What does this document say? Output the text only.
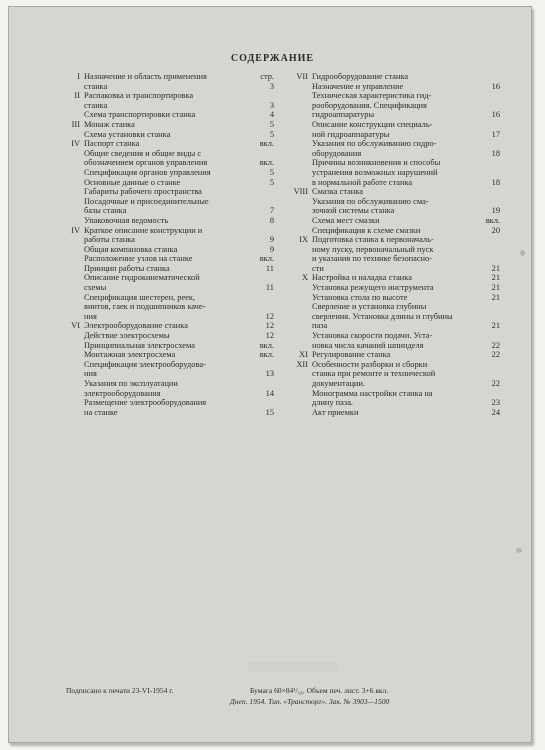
СОДЕРЖАНИЕ
I Назначение и область применения	стр.
станка	3
II Распаковка и транспортировка
станка	3
Схема транспортировки станка	4
III Монаж станка	5
Схема установки станка	5
IV Паспорт станка	вкл.
Общие сведения и общие виды с
обозначением органов управления	вкл.
Спецификация органов управления	5
Основные данные о станке	5
Габариты рабочего пространства
Посадочные и присоединительные
базы станка	7
Упаковочная ведомость	8
IV Краткое описание конструкции и
работы станка	9
Общая компановка станка	9
Расположение узлов на станке	вкл.
Принцип работы станка	11
Описание гидрокинематической
схемы	11
Спецификация шестерен, реек,
винтов, гаек и подшипников каче-
ния	12
VI Электрооборудование станка	12
Действие электросхемы	12
Принципиальная электросхема	вкл.
Монтажная электросхема	вкл.
Спецификация электрооборудова-
ния	13
Указания по эксплуатации
электрооборудования	14
Размещение электрооборудования
на станке	15
VII Гидрооборудование станка
Назначение и управление	16
Техническая характеристика гид-
рооборудования. Спецификация
гидроаппаратуры	16
Описание конструкции специаль-
ной гидроаппаратуры	17
Указания по обслуживанию гидро-
оборудования	18
Причины возникновения и способы
устранения возможных нарушений
в нормальной работе станка	18
VIII Смазка станка
Указания по обслуживанию сма-
зочной системы станка	19
Схема мест смазки	вкл.
Спецификация к схеме смазки	20
IX Подготовка станка к первоначаль-
ному пуску, первоначальный пуск
и указания по технике безопасно-
сти	21
X Настройка и наладка станка	21
Установка режущего инструмента	21
Установка стола по высоте	21
Сверление и установка глубины
сверления. Установка длины и глубины
паза	21
Установка скорости подачи. Уста-
новка числа качаний шпинделя	22
XI Регулирование станка	22
XII Особенности разборки и сборки
станка при ремонте и технической
документации.	22
Монограмма настройки станка на
длину паза.	23
Акт приемки	24
Подписано к печати 23-VI-1954 г.	Бумага 60×84¹/₁₆. Объем печ. лист. 3+6 вкл.
Днеп. 1954. Тип. «Трансторг». Зак. № 3903—1500
